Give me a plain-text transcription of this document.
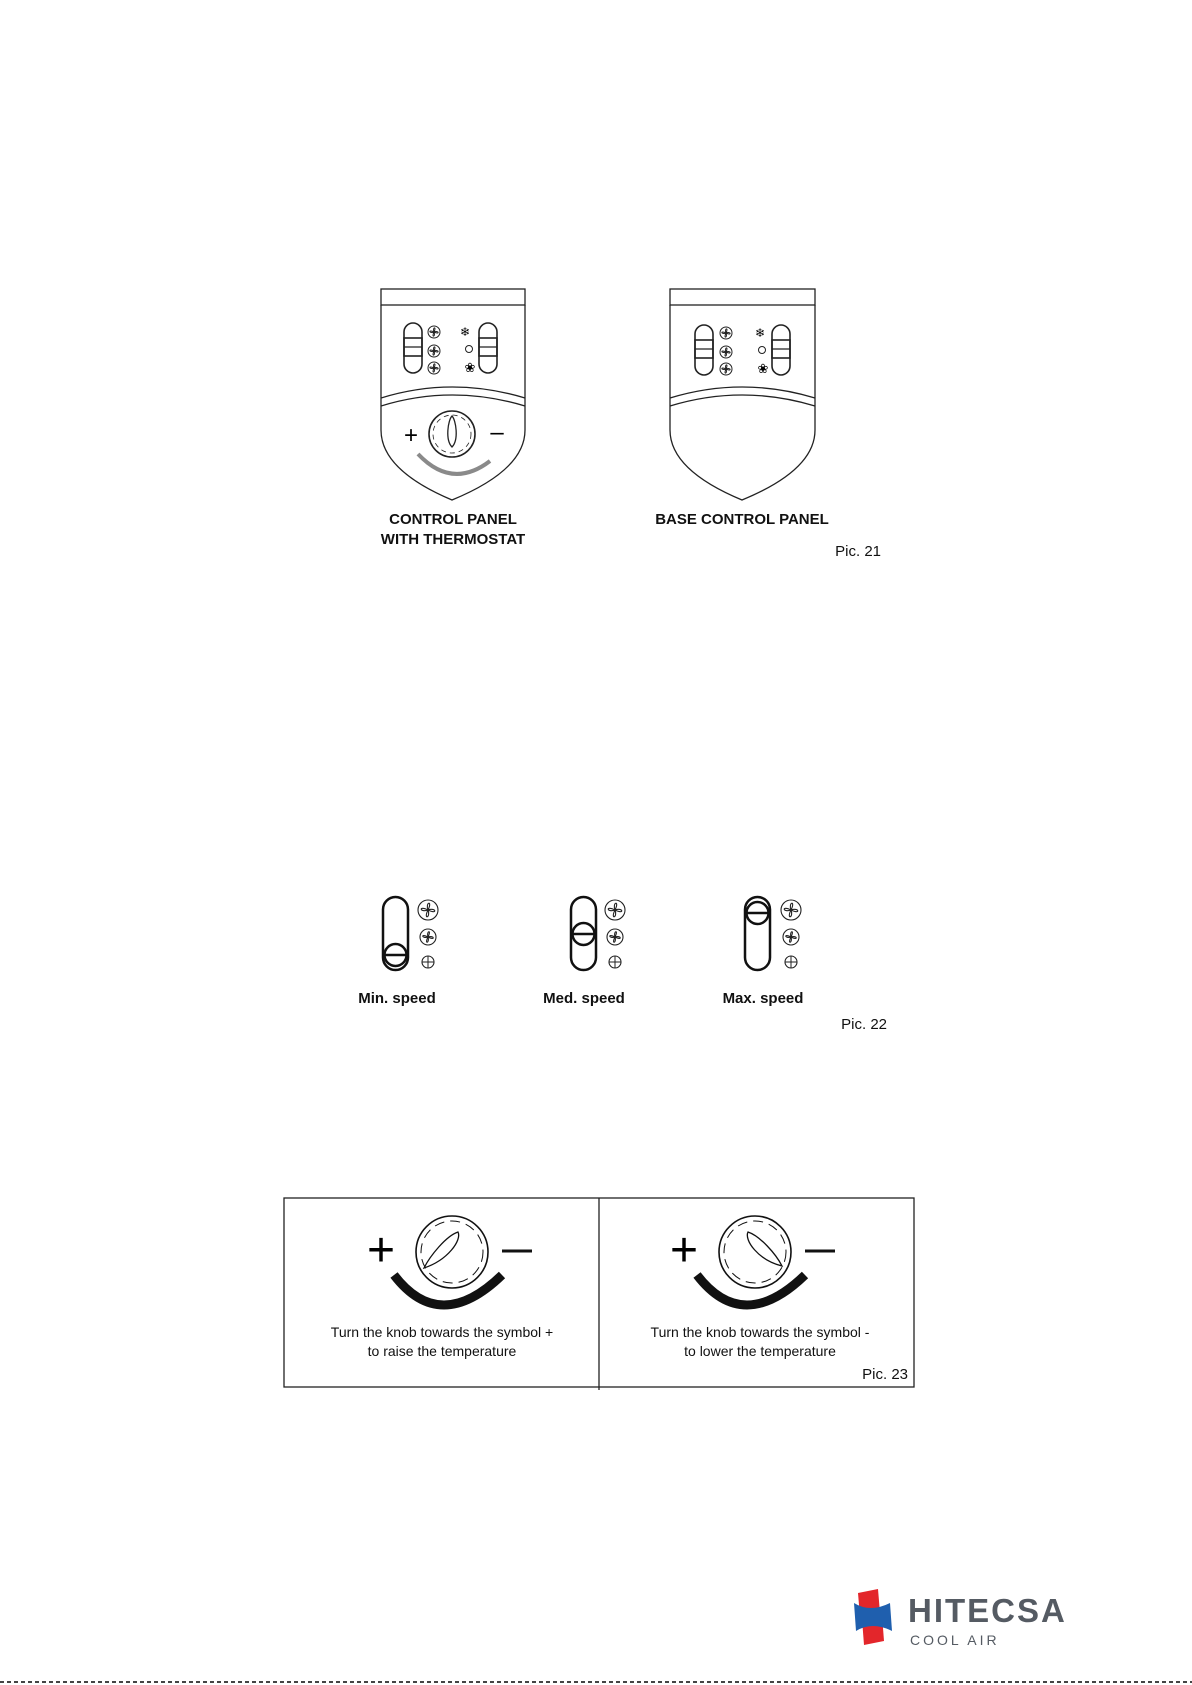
❄
❀
+	–
CONTROL PANEL
WITH THERMOSTAT
❄
❀
BASE CONTROL PANEL
Pic. 21
Min. speed	Med. speed	Max. speed
Pic. 22
+
Turn the knob towards the symbol +
to raise the temperature
+
Turn the knob towards the symbol -
to lower the temperature
Pic. 23
HITECSA
COOL AIR
